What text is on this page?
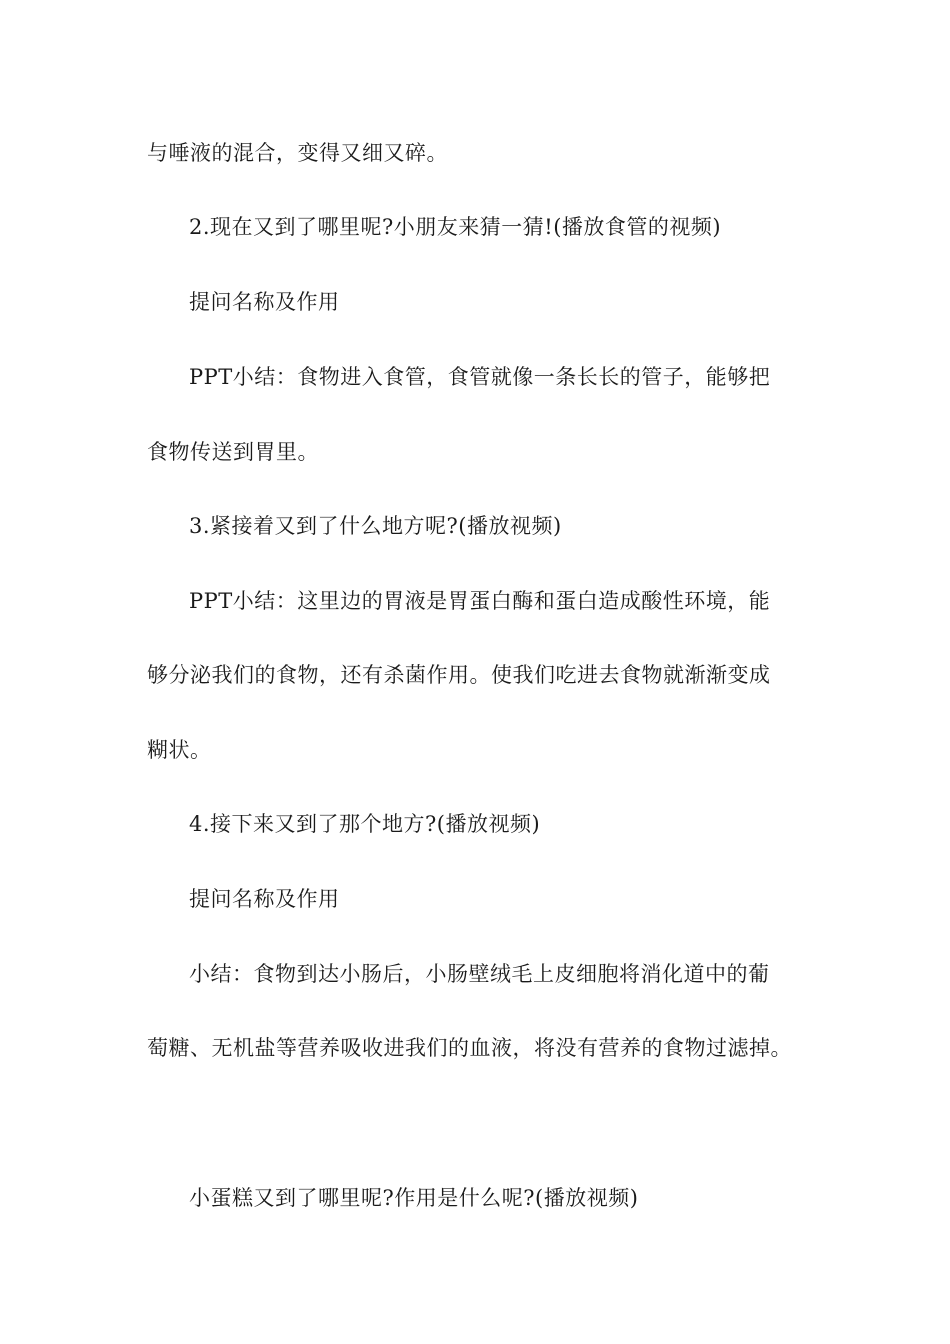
与唾液的混合，变得又细又碎。
2.现在又到了哪里呢?小朋友来猜一猜!(播放食管的视频)
提问名称及作用
PPT小结：食物进入食管，食管就像一条长长的管子，能够把
食物传送到胃里。
3.紧接着又到了什么地方呢?(播放视频)
PPT小结：这里边的胃液是胃蛋白酶和蛋白造成酸性环境，能
够分泌我们的食物，还有杀菌作用。使我们吃进去食物就渐渐变成
糊状。
4.接下来又到了那个地方?(播放视频)
提问名称及作用
小结：食物到达小肠后，小肠壁绒毛上皮细胞将消化道中的葡
萄糖、无机盐等营养吸收进我们的血液，将没有营养的食物过滤掉。
小蛋糕又到了哪里呢?作用是什么呢?(播放视频)
